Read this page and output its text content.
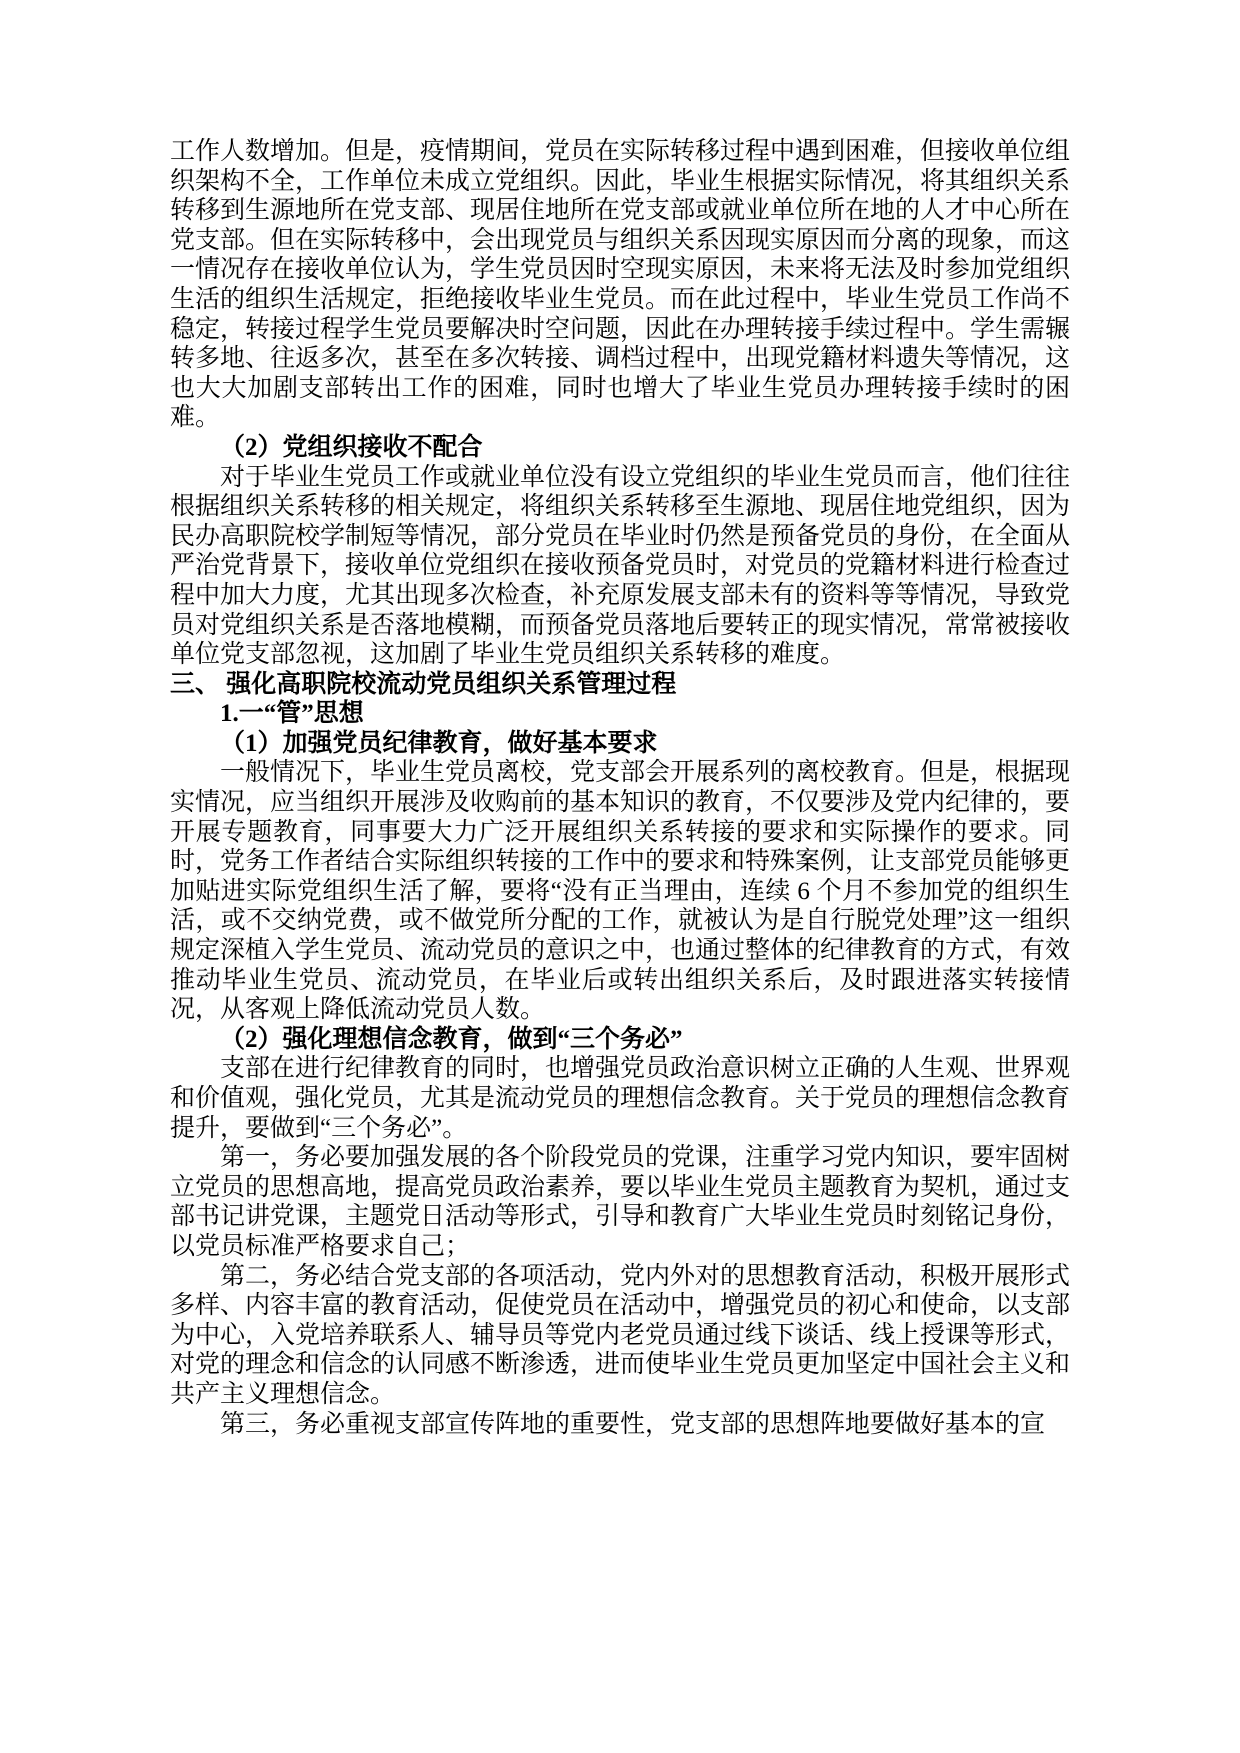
工作人数增加。但是，疫情期间，党员在实际转移过程中遇到困难，但接收单位组织架构不全，工作单位未成立党组织。因此，毕业生根据实际情况，将其组织关系转移到生源地所在党支部、现居住地所在党支部或就业单位所在地的人才中心所在党支部。但在实际转移中，会出现党员与组织关系因现实原因而分离的现象，而这一情况存在接收单位认为，学生党员因时空现实原因，未来将无法及时参加党组织生活的组织生活规定，拒绝接收毕业生党员。而在此过程中，毕业生党员工作尚不稳定，转接过程学生党员要解决时空问题，因此在办理转接手续过程中。学生需辗转多地、往返多次，甚至在多次转接、调档过程中，出现党籍材料遗失等情况，这也大大加剧支部转出工作的困难，同时也增大了毕业生党员办理转接手续时的困难。

（2）党组织接收不配合

对于毕业生党员工作或就业单位没有设立党组织的毕业生党员而言，他们往往根据组织关系转移的相关规定，将组织关系转移至生源地、现居住地党组织，因为民办高职院校学制短等情况，部分党员在毕业时仍然是预备党员的身份，在全面从严治党背景下，接收单位党组织在接收预备党员时，对党员的党籍材料进行检查过程中加大力度，尤其出现多次检查，补充原发展支部未有的资料等等情况，导致党员对党组织关系是否落地模糊，而预备党员落地后要转正的现实情况，常常被接收单位党支部忽视，这加剧了毕业生党员组织关系转移的难度。

三、 强化高职院校流动党员组织关系管理过程

1.一“管”思想

（1）加强党员纪律教育，做好基本要求

一般情况下，毕业生党员离校，党支部会开展系列的离校教育。但是，根据现实情况，应当组织开展涉及收购前的基本知识的教育，不仅要涉及党内纪律的，要开展专题教育，同事要大力广泛开展组织关系转接的要求和实际操作的要求。同时，党务工作者结合实际组织转接的工作中的要求和特殊案例，让支部党员能够更加贴进实际党组织生活了解，要将“没有正当理由，连续 6 个月不参加党的组织生活，或不交纳党费，或不做党所分配的工作，就被认为是自行脱党处理”这一组织规定深植入学生党员、流动党员的意识之中，也通过整体的纪律教育的方式，有效推动毕业生党员、流动党员，在毕业后或转出组织关系后，及时跟进落实转接情况，从客观上降低流动党员人数。

（2）强化理想信念教育，做到“三个务必”

支部在进行纪律教育的同时，也增强党员政治意识树立正确的人生观、世界观和价值观，强化党员，尤其是流动党员的理想信念教育。关于党员的理想信念教育提升，要做到“三个务必”。

第一，务必要加强发展的各个阶段党员的党课，注重学习党内知识，要牢固树立党员的思想高地，提高党员政治素养，要以毕业生党员主题教育为契机，通过支部书记讲党课，主题党日活动等形式，引导和教育广大毕业生党员时刻铭记身份，以党员标准严格要求自己；

第二，务必结合党支部的各项活动，党内外对的思想教育活动，积极开展形式多样、内容丰富的教育活动，促使党员在活动中，增强党员的初心和使命，以支部为中心，入党培养联系人、辅导员等党内老党员通过线下谈话、线上授课等形式，对党的理念和信念的认同感不断渗透，进而使毕业生党员更加坚定中国社会主义和共产主义理想信念。

第三，务必重视支部宣传阵地的重要性，党支部的思想阵地要做好基本的宣
